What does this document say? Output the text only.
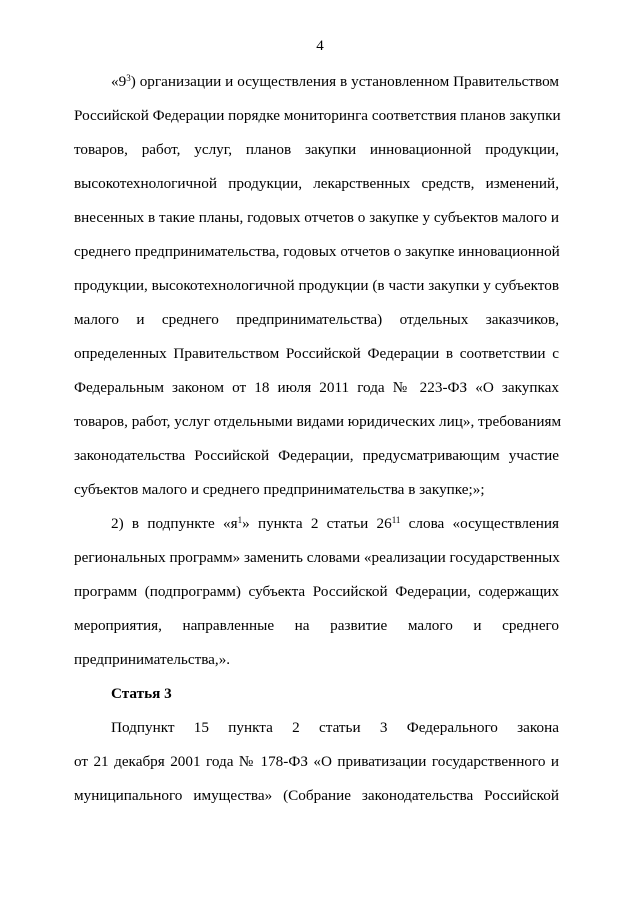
4
«$9^3$) организации и осуществления в установленном Правительством
Российской Федерации порядке мониторинга соответствия планов закупки
товаров, работ, услуг, планов закупки инновационной продукции,
высокотехнологичной продукции, лекарственных средств, изменений,
внесенных в такие планы, годовых отчетов о закупке у субъектов малого и
среднего предпринимательства, годовых отчетов о закупке инновационной
продукции, высокотехнологичной продукции (в части закупки у субъектов
малого и среднего предпринимательства) отдельных заказчиков,
определенных Правительством Российской Федерации в соответствии с
Федеральным законом от 18 июля 2011 года № 223-ФЗ «О закупках
товаров, работ, услуг отдельными видами юридических лиц», требованиям
законодательства Российской Федерации, предусматривающим участие
субъектов малого и среднего предпринимательства в закупке;»;
2) в подпункте «$я^1$» пункта 2 статьи $26^{11}$ слова «осуществления
региональных программ» заменить словами «реализации государственных
программ (подпрограмм) субъекта Российской Федерации, содержащих
мероприятия, направленные на развитие малого и среднего
предпринимательства,».
Статья 3
Подпункт 15 пункта 2 статьи 3 Федерального закона
от 21 декабря 2001 года № 178-ФЗ «О приватизации государственного и
муниципального имущества» (Собрание законодательства Российской
